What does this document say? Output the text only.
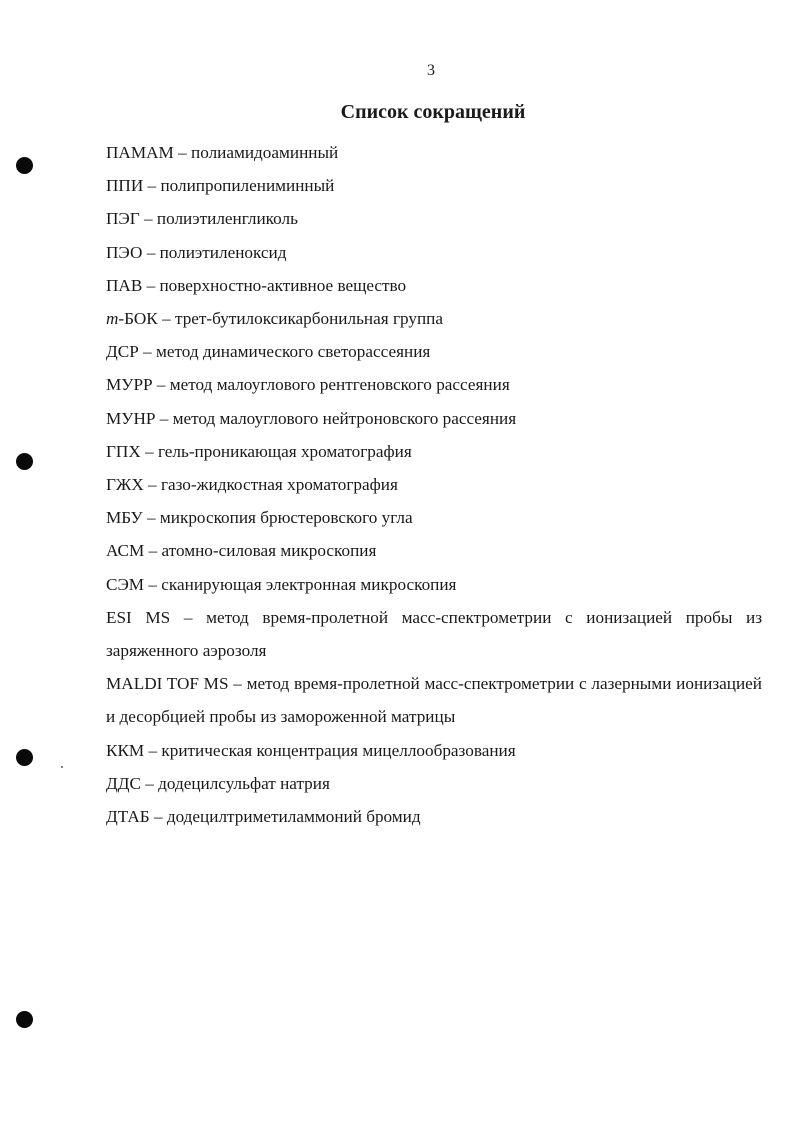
3
Список сокращений
ПАМАМ – полиамидоаминный
ППИ – полипропилениминный
ПЭГ – полиэтиленгликоль
ПЭО – полиэтиленоксид
ПАВ – поверхностно-активное вещество
т-БОК – трет-бутилоксикарбонильная группа
ДСР – метод динамического светорассеяния
МУРР – метод малоуглового рентгеновского рассеяния
МУНР – метод малоуглового нейтроновского рассеяния
ГПХ – гель-проникающая хроматография
ГЖХ – газо-жидкостная хроматография
МБУ – микроскопия брюстеровского угла
АСМ – атомно-силовая микроскопия
СЭМ – сканирующая электронная микроскопия
ESI MS – метод время-пролетной масс-спектрометрии с ионизацией пробы из заряженного аэрозоля
MALDI TOF MS – метод время-пролетной масс-спектрометрии с лазерными ионизацией и десорбцией пробы из замороженной матрицы
ККМ – критическая концентрация мицеллообразования
ДДС – додецилсульфат натрия
ДТАБ – додецилтриметиламмоний бромид
